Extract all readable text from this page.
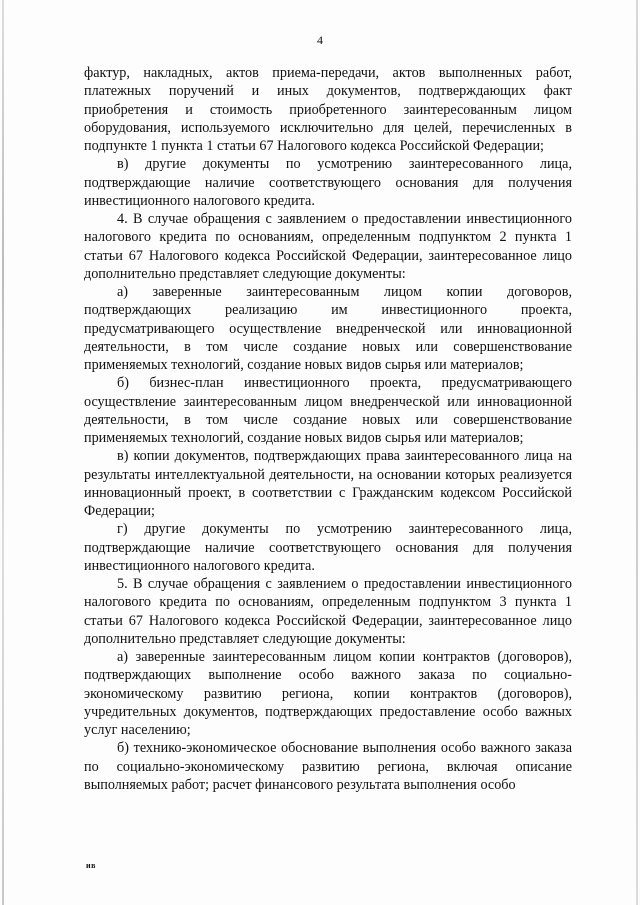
4

фактур, накладных, актов приема-передачи, актов выполненных работ, платежных поручений и иных документов, подтверждающих факт приобретения и стоимость приобретенного заинтересованным лицом оборудования, используемого исключительно для целей, перечисленных в подпункте 1 пункта 1 статьи 67 Налогового кодекса Российской Федерации;

в) другие документы по усмотрению заинтересованного лица, подтверждающие наличие соответствующего основания для получения инвестиционного налогового кредита.

4. В случае обращения с заявлением о предоставлении инвестиционного налогового кредита по основаниям, определенным подпунктом 2 пункта 1 статьи 67 Налогового кодекса Российской Федерации, заинтересованное лицо дополнительно представляет следующие документы:

а) заверенные заинтересованным лицом копии договоров, подтверждающих реализацию им инвестиционного проекта, предусматривающего осуществление внедренческой или инновационной деятельности, в том числе создание новых или совершенствование применяемых технологий, создание новых видов сырья или материалов;

б) бизнес-план инвестиционного проекта, предусматривающего осуществление заинтересованным лицом внедренческой или инновационной деятельности, в том числе создание новых или совершенствование применяемых технологий, создание новых видов сырья или материалов;

в) копии документов, подтверждающих права заинтересованного лица на результаты интеллектуальной деятельности, на основании которых реализуется инновационный проект, в соответствии с Гражданским кодексом Российской Федерации;

г) другие документы по усмотрению заинтересованного лица, подтверждающие наличие соответствующего основания для получения инвестиционного налогового кредита.

5. В случае обращения с заявлением о предоставлении инвестиционного налогового кредита по основаниям, определенным подпунктом 3 пункта 1 статьи 67 Налогового кодекса Российской Федерации, заинтересованное лицо дополнительно представляет следующие документы:

а) заверенные заинтересованным лицом копии контрактов (договоров), подтверждающих выполнение особо важного заказа по социально-экономическому развитию региона, копии контрактов (договоров), учредительных документов, подтверждающих предоставление особо важных услуг населению;

б) технико-экономическое обоснование выполнения особо важного заказа по социально-экономическому развитию региона, включая описание выполняемых работ; расчет финансового результата выполнения особо

ив
